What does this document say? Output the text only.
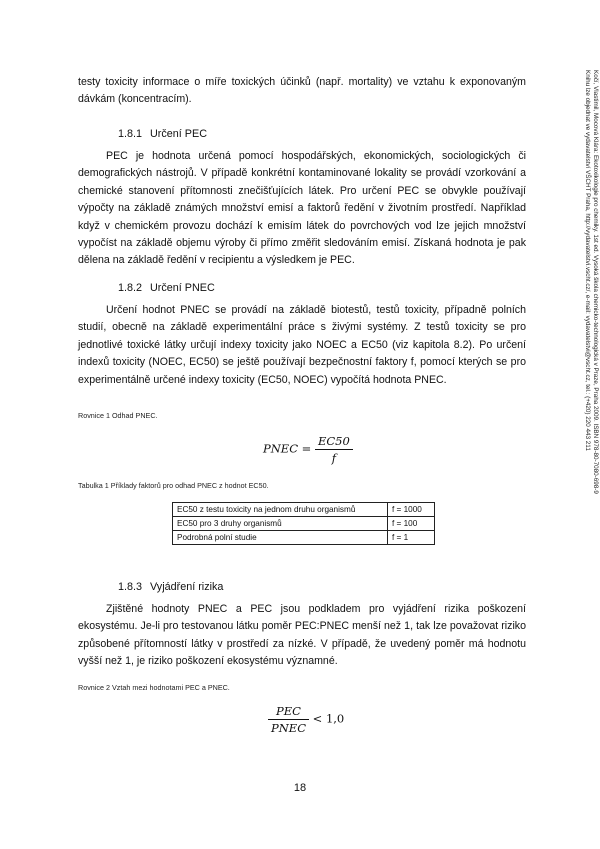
testy toxicity informace o míře toxických účinků (např. mortality) ve vztahu k exponovaným dávkám (koncentracím).

1.8.1 Určení PEC

PEC je hodnota určená pomocí hospodářských, ekonomických, sociologických či demografických nástrojů. V případě konkrétní kontaminované lokality se provádí vzorkování a chemické stanovení přítomnosti znečišťujících látek. Pro určení PEC se obvykle používají výpočty na základě známých množství emisí a faktorů ředění v životním prostředí. Například když v chemickém provozu dochází k emisím látek do povrchových vod lze jejich množství vypočíst na základě objemu výroby či přímo změřit sledováním emisí. Získaná hodnota je pak dělena na základě ředění v recipientu a výsledkem je PEC.

1.8.2 Určení PNEC

Určení hodnot PNEC se provádí na základě biotestů, testů toxicity, případně polních studií, obecně na základě experimentální práce s živými systémy. Z testů toxicity se pro jednotlivé toxické látky určují indexy toxicity jako NOEC a EC50 (viz kapitola 8.2). Po určení indexů toxicity (NOEC, EC50) se ještě používají bezpečnostní faktory f, pomocí kterých se pro experimentálně určené indexy toxicity (EC50, NOEC) vypočítá hodnota PNEC.

Rovnice 1 Odhad PNEC.

PNEC = $\frac{EC50}{f}$

Tabulka 1 Příklady faktorů pro odhad PNEC z hodnot EC50.

EC50 z testu toxicity na jednom druhu organismů	f = 1000
EC50 pro 3 druhy organismů	f = 100
Podrobná polní studie	f = 1

1.8.3 Vyjádření rizika

Zjištěné hodnoty PNEC a PEC jsou podkladem pro vyjádření rizika poškození ekosystému. Je-li pro testovanou látku poměr PEC:PNEC menší než 1, tak lze považovat riziko způsobené přítomností látky v prostředí za nízké. V případě, že uvedený poměr má hodnotu vyšší než 1, je riziko poškození ekosystému významné.

Rovnice 2 Vztah mezi hodnotami PEC a PNEC.

$\frac{\text{PEC}}{\text{PNEC}} < 1,0$
18
Kočí, Vlastimil, Mocová Klára: Ekotoxikologie pro chemiky. 1st ed. Vysoká škola chemicko-technologická v Praze, Praha 2009. ISBN 978-80-7080-698-9
Knihu lze objednat ve vydavatelství VŠCHT Praha, http://vydavatelstvi.vscht.cz/, e-mail: vydavatelstvi@vscht.cz, tel.: (+420) 220 443 211
